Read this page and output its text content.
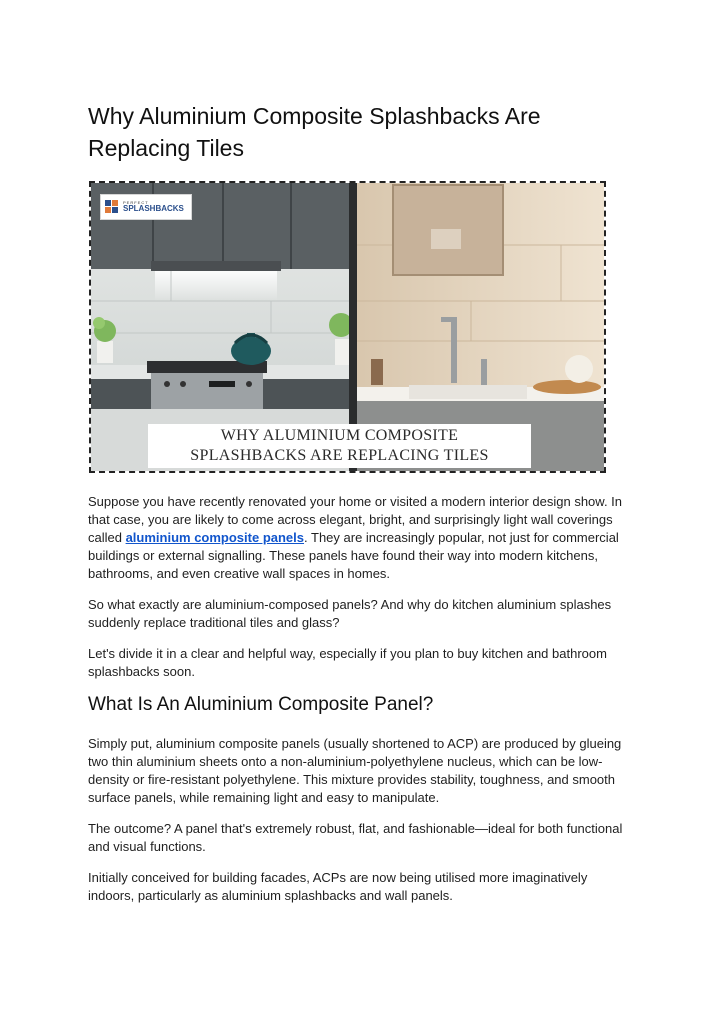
Why Aluminium Composite Splashbacks Are Replacing Tiles
PERFECT
SPLASHBACKS
WHY ALUMINIUM COMPOSITE
SPLASHBACKS ARE REPLACING TILES

Suppose you have recently renovated your home or visited a modern interior design show. In that case, you are likely to come across elegant, bright, and surprisingly light wall coverings called aluminium composite panels. They are increasingly popular, not just for commercial buildings or external signalling. These panels have found their way into modern kitchens, bathrooms, and even creative wall spaces in homes.

So what exactly are aluminium-composed panels? And why do kitchen aluminium splashes suddenly replace traditional tiles and glass?

Let's divide it in a clear and helpful way, especially if you plan to buy kitchen and bathroom splashbacks soon.

What Is An Aluminium Composite Panel?

Simply put, aluminium composite panels (usually shortened to ACP) are produced by glueing two thin aluminium sheets onto a non-aluminium-polyethylene nucleus, which can be low-density or fire-resistant polyethylene. This mixture provides stability, toughness, and smooth surface panels, while remaining light and easy to manipulate.

The outcome? A panel that's extremely robust, flat, and fashionable—ideal for both functional and visual functions.

Initially conceived for building facades, ACPs are now being utilised more imaginatively indoors, particularly as aluminium splashbacks and wall panels.
